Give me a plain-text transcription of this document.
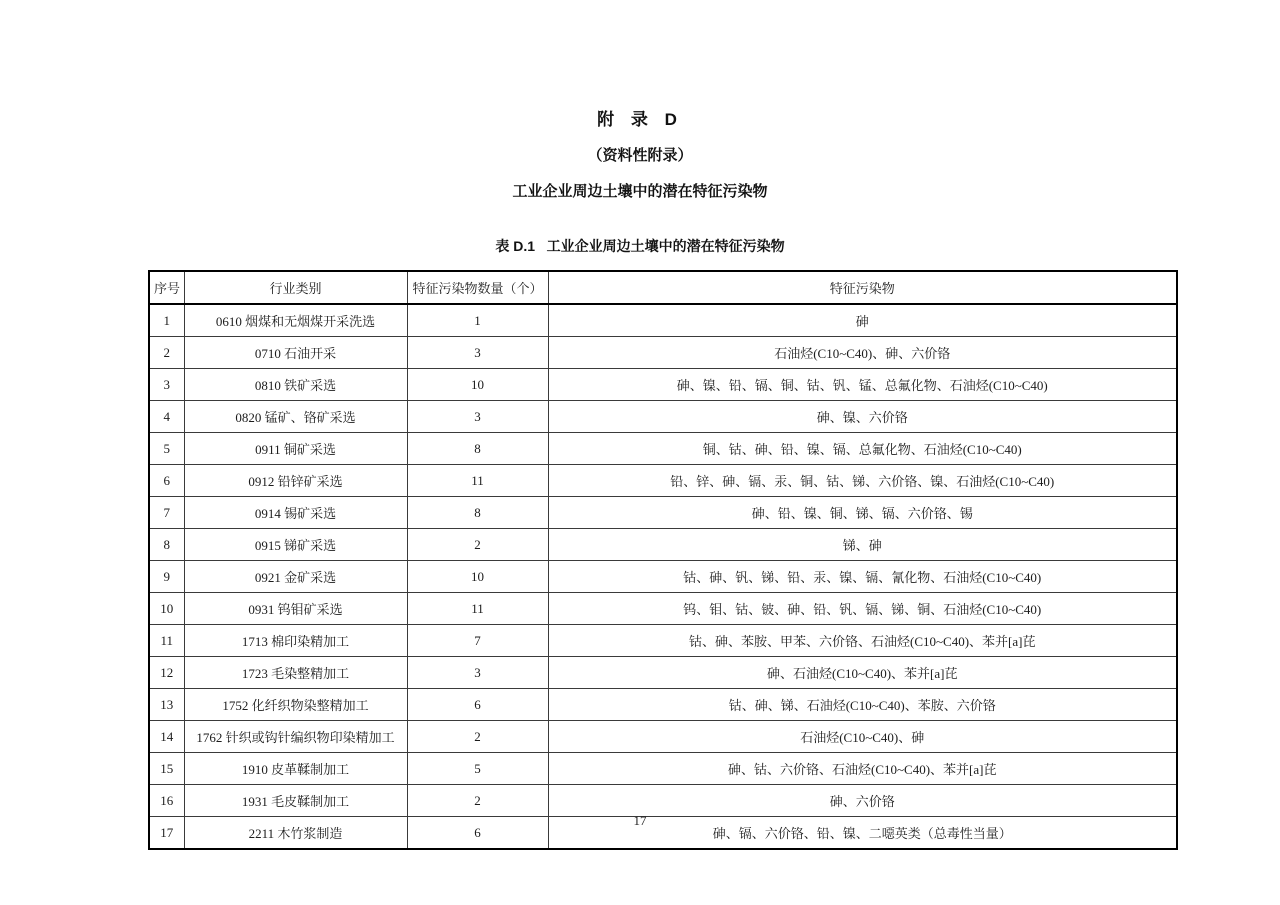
附 录 D
（资料性附录）
工业企业周边土壤中的潜在特征污染物
表 D.1   工业企业周边土壤中的潜在特征污染物
序号	行业类别	特征污染物数量（个）	特征污染物
1	0610 烟煤和无烟煤开采洗选	1	砷
2	0710 石油开采	3	石油烃(C10~C40)、砷、六价铬
3	0810 铁矿采选	10	砷、镍、铅、镉、铜、钴、钒、锰、总氟化物、石油烃(C10~C40)
4	0820 锰矿、铬矿采选	3	砷、镍、六价铬
5	0911 铜矿采选	8	铜、钴、砷、铅、镍、镉、总氟化物、石油烃(C10~C40)
6	0912 铅锌矿采选	11	铅、锌、砷、镉、汞、铜、钴、锑、六价铬、镍、石油烃(C10~C40)
7	0914 锡矿采选	8	砷、铅、镍、铜、锑、镉、六价铬、锡
8	0915 锑矿采选	2	锑、砷
9	0921 金矿采选	10	钴、砷、钒、锑、铅、汞、镍、镉、氰化物、石油烃(C10~C40)
10	0931 钨钼矿采选	11	钨、钼、钴、铍、砷、铅、钒、镉、锑、铜、石油烃(C10~C40)
11	1713 棉印染精加工	7	钴、砷、苯胺、甲苯、六价铬、石油烃(C10~C40)、苯并[a]芘
12	1723 毛染整精加工	3	砷、石油烃(C10~C40)、苯并[a]芘
13	1752 化纤织物染整精加工	6	钴、砷、锑、石油烃(C10~C40)、苯胺、六价铬
14	1762 针织或钩针编织物印染精加工	2	石油烃(C10~C40)、砷
15	1910 皮革鞣制加工	5	砷、钴、六价铬、石油烃(C10~C40)、苯并[a]芘
16	1931 毛皮鞣制加工	2	砷、六价铬
17	2211 木竹浆制造	6	砷、镉、六价铬、铅、镍、二噁英类（总毒性当量）
17
